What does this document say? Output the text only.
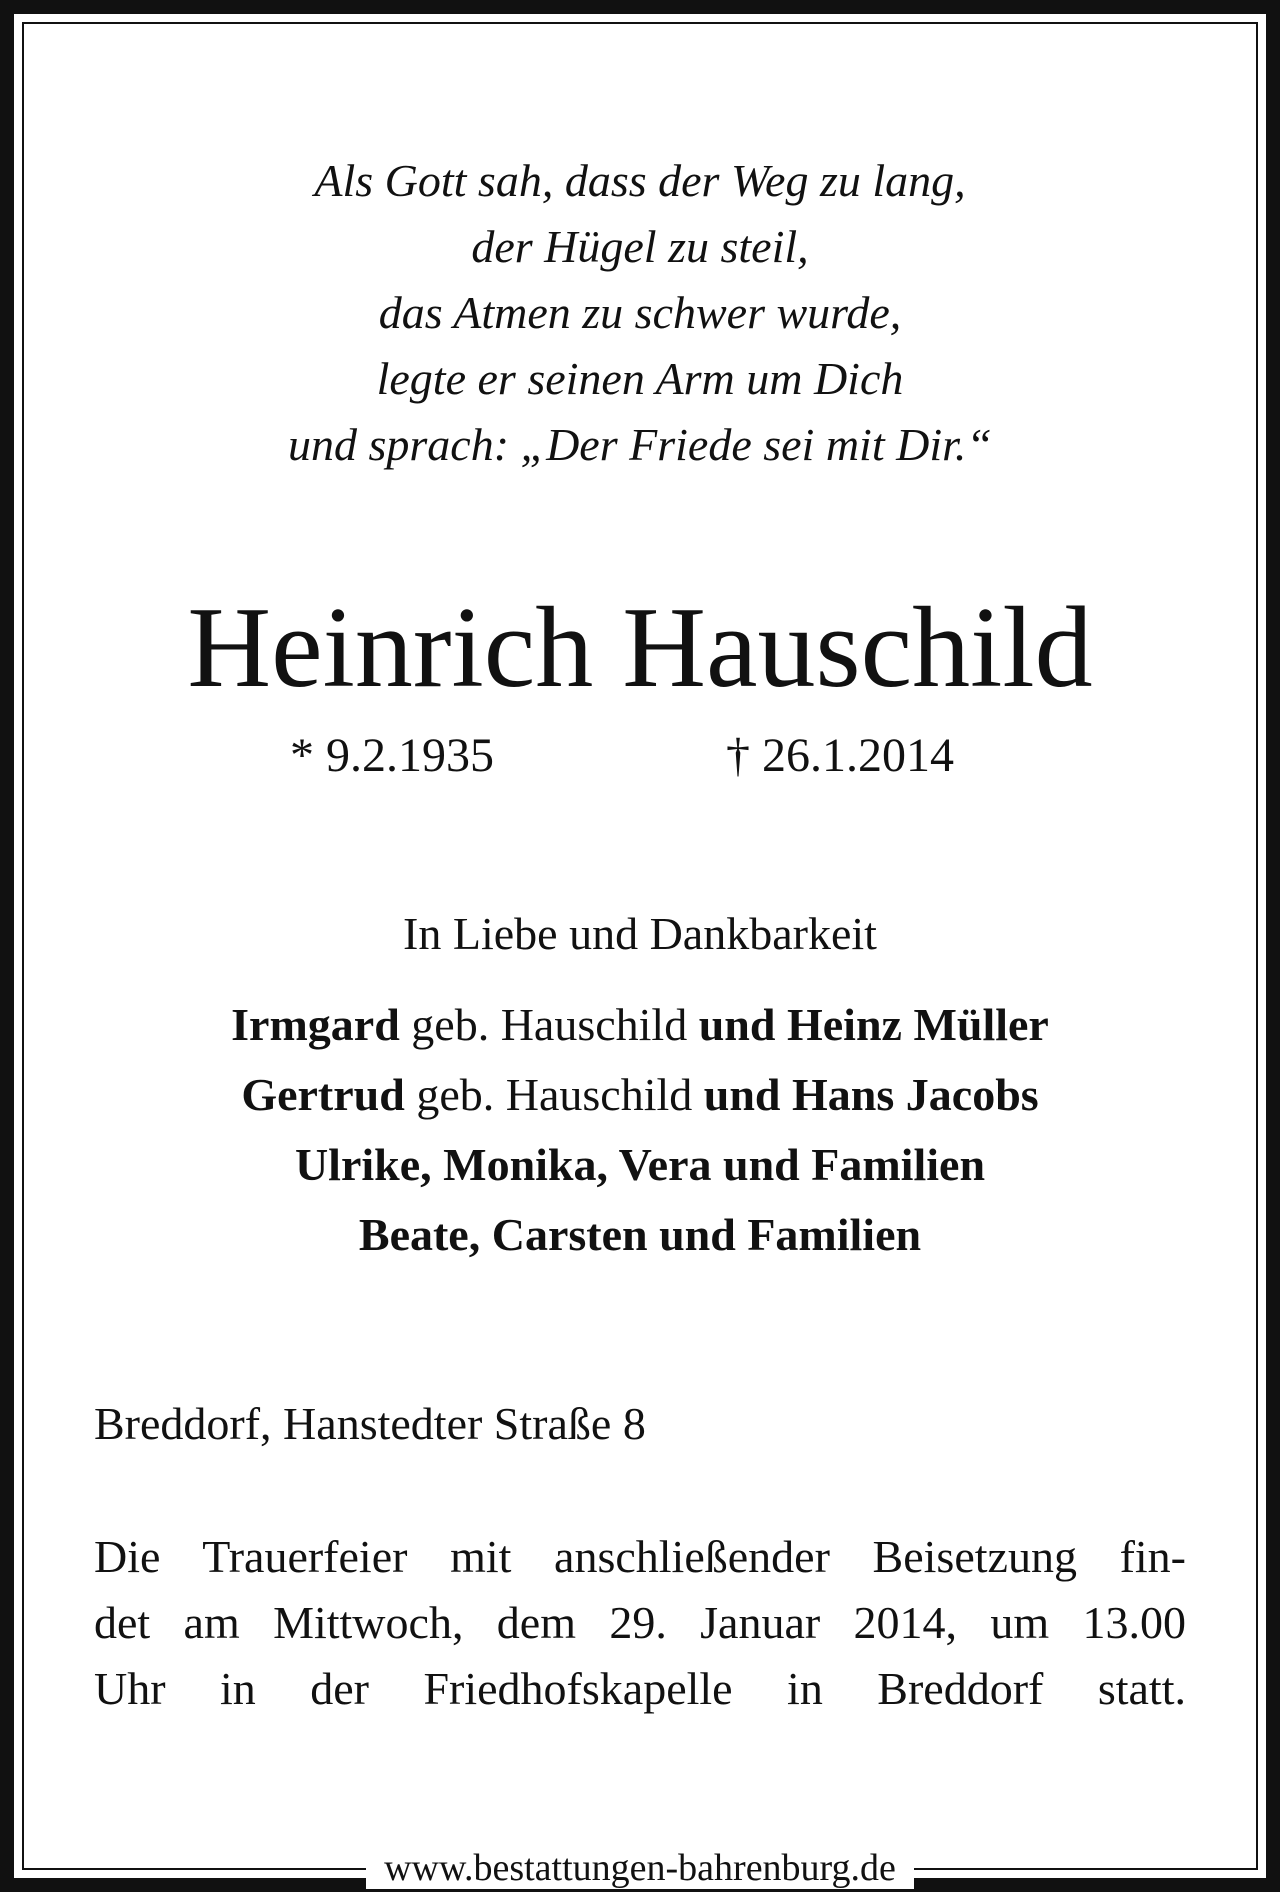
Als Gott sah, dass der Weg zu lang,
der Hügel zu steil,
das Atmen zu schwer wurde,
legte er seinen Arm um Dich
und sprach: „Der Friede sei mit Dir.“
Heinrich Hauschild
* 9.2.1935	† 26.1.2014
In Liebe und Dankbarkeit
Irmgard geb. Hauschild und Heinz Müller
Gertrud geb. Hauschild und Hans Jacobs
Ulrike, Monika, Vera und Familien
Beate, Carsten und Familien
Breddorf, Hanstedter Straße 8
Die Trauerfeier mit anschließender Beisetzung fin-
det am Mittwoch, dem 29. Januar 2014, um 13.00
Uhr in der Friedhofskapelle in Breddorf statt.
www.bestattungen-bahrenburg.de
